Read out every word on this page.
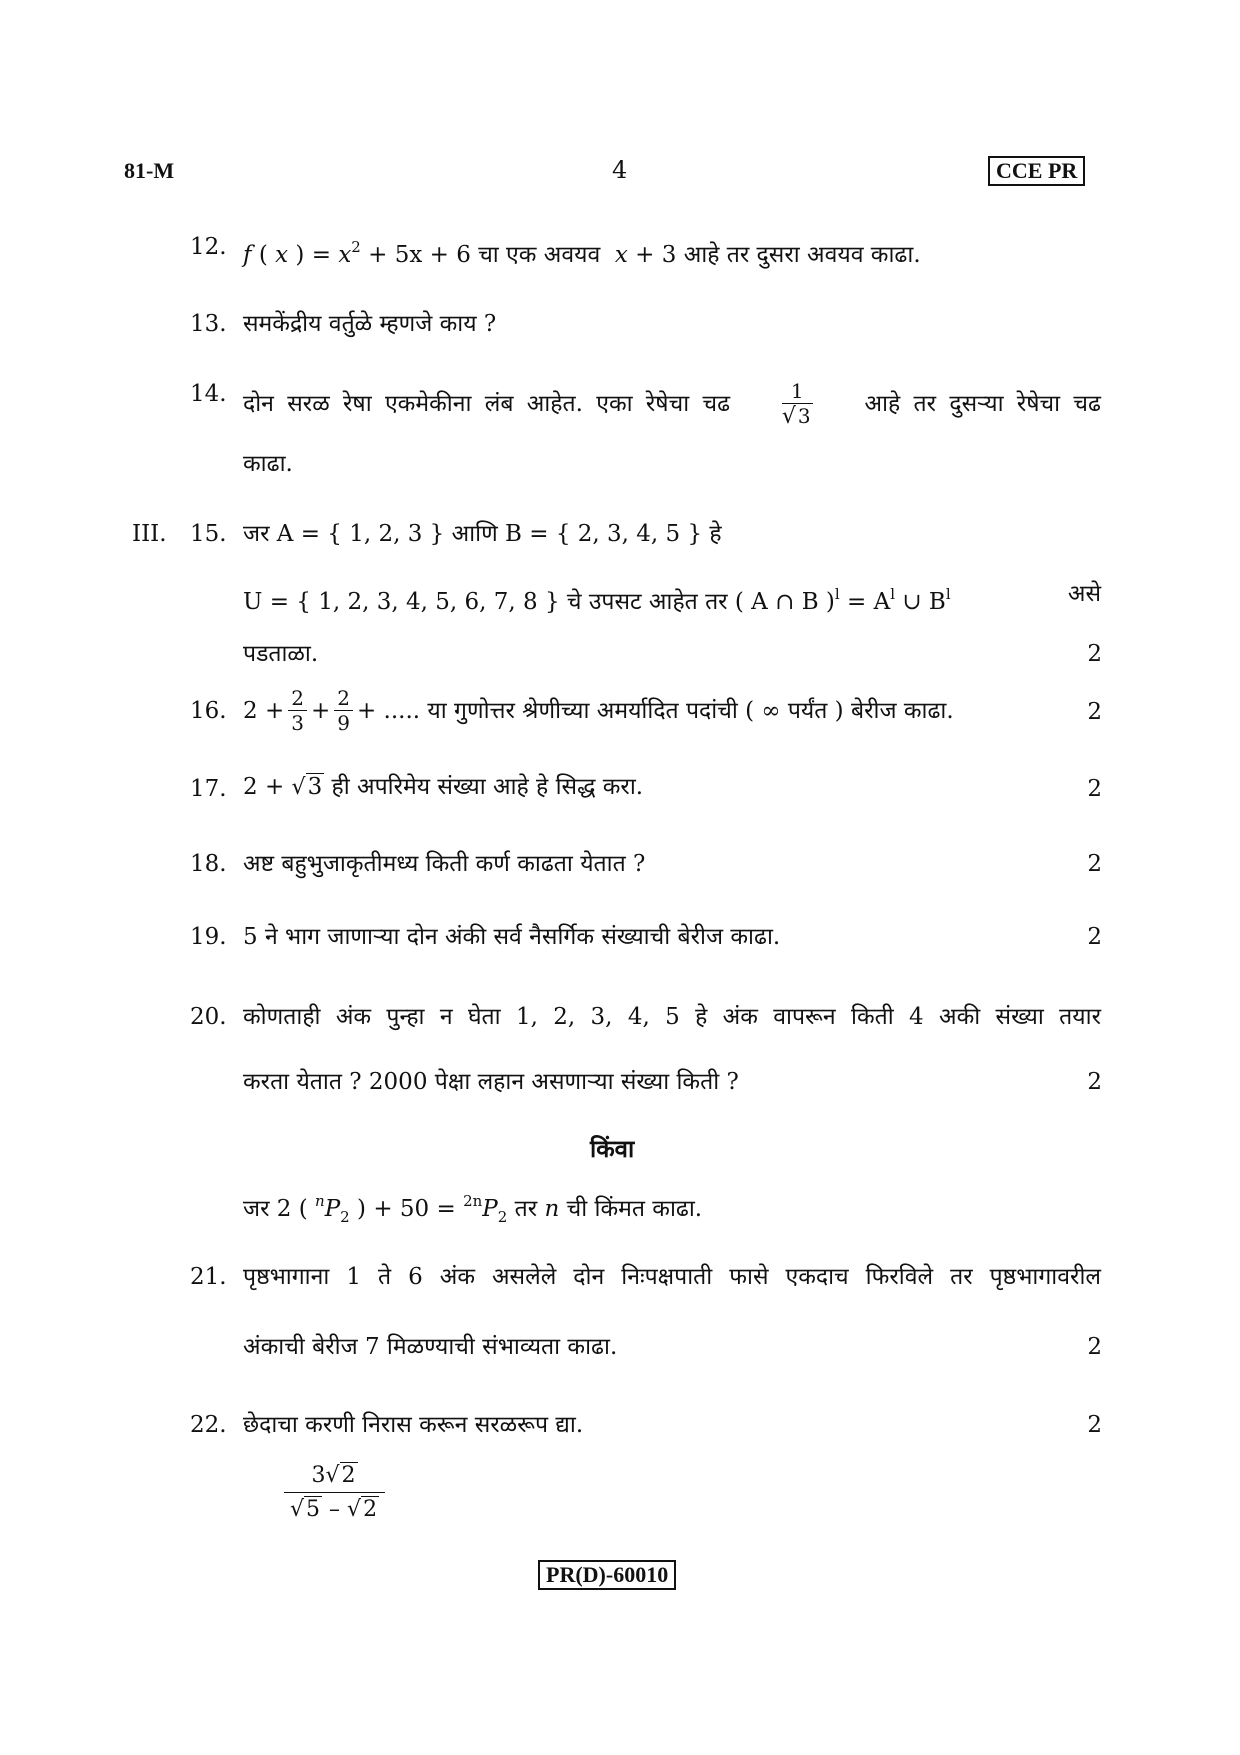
81-M	4	CCE PR
12. f ( x ) = $x^2 + 5x + 6$ चा एक अवयव x + 3 आहे तर दुसरा अवयव काढा.
13. समकेंद्रीय वर्तुळे म्हणजे काय ?
14. दोन सरळ रेषा एकमेकीना लंब आहेत. एका रेषेचा चढ	$\frac{1}{√ 3}$ आहे तर दुसऱ्या रेषेचा चढ
काढा.
III. 15. जर A = { 1, 2, 3 } आणि B = { 2, 3, 4, 5 } हे
U = { 1, 2, 3, 4, 5, 6, 7, 8 } चे उपसट आहेत तर ( A ∩ B )$^l = A^l$ ∪ $B^l$	असे
पडताळा.	2
16. $2 + \frac{2}{3} + \frac{2}{9}$ + .....
या गुणोत्तर श्रेणीच्या अमर्यादित पदांची ( ∞ पर्यंत ) बेरीज काढा.	2
17. 2 + √3 ही अपरिमेय संख्या आहे हे सिद्ध करा.	2
18. अष्ट बहुभुजाकृतीमध्य किती कर्ण काढता येतात ?	2
19. 5 ने भाग जाणाऱ्या दोन अंकी सर्व नैसर्गिक संख्याची बेरीज काढा.	2
20. कोणताही अंक पुन्हा न घेता 1, 2, 3, 4, 5 हे अंक वापरून किती 4 अकी संख्या तयार
करता येतात ? 2000 पेक्षा लहान असणाऱ्या संख्या किती ?	2
किंवा
जर 2 ( $^nP_2$ ) + $50 = ^{2n}P_2$ तर n ची किंमत काढा.
21. पृष्ठभागाना 1 ते 6 अंक असलेले दोन निःपक्षपाती फासे एकदाच फिरविले तर पृष्ठभागावरील
अंकाची बेरीज 7 मिळण्याची संभाव्यता काढा.	2
22. छेदाचा करणी निरास करून सरळरूप द्या.	2
3√2
√5 – √2
PR(D)-60010
